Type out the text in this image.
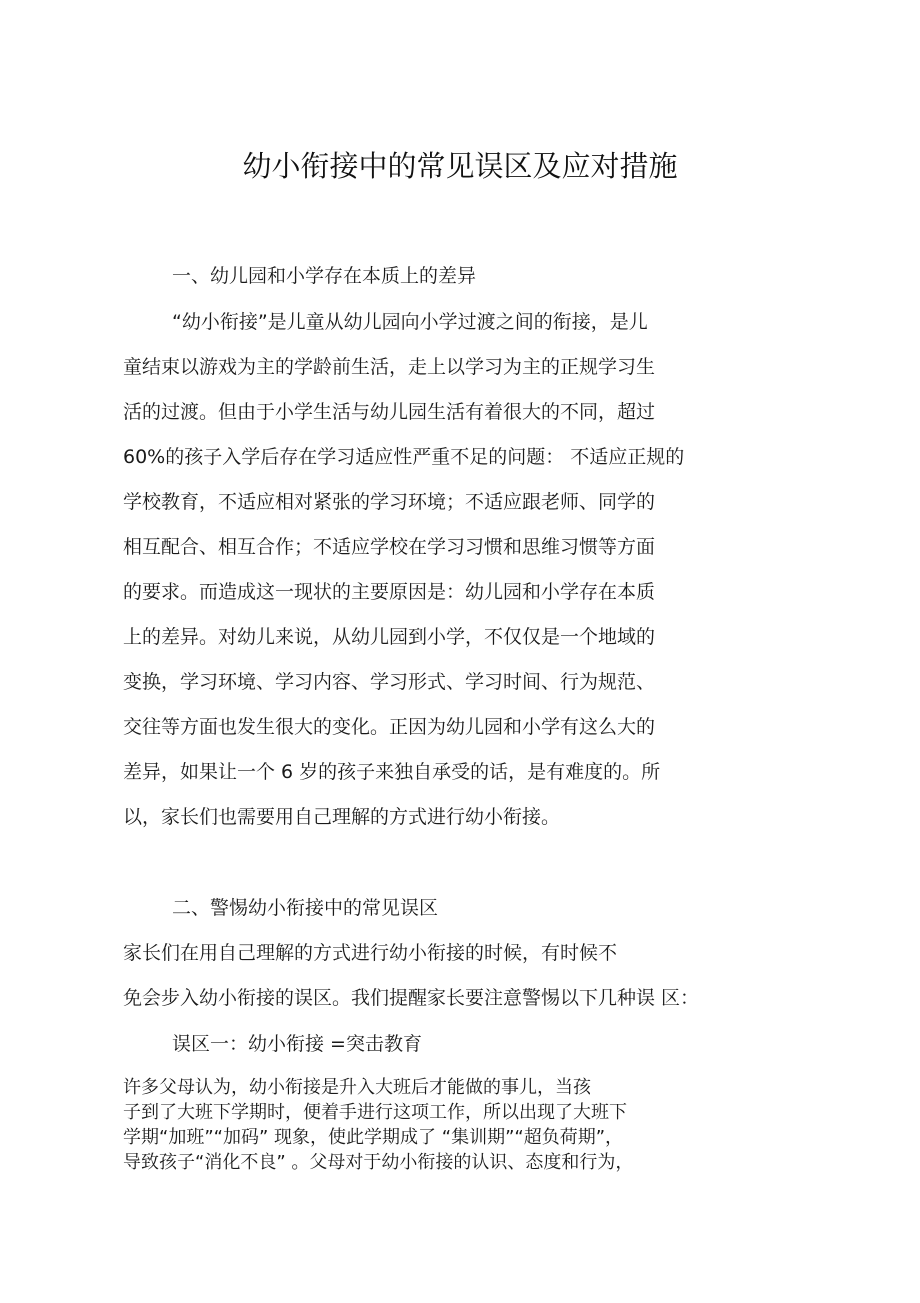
幼小衔接中的常见误区及应对措施
一、幼儿园和小学存在本质上的差异
“幼小衔接”是儿童从幼儿园向小学过渡之间的衔接，是儿
童结束以游戏为主的学龄前生活，走上以学习为主的正规学习生
活的过渡。但由于小学生活与幼儿园生活有着很大的不同，超过
60%的孩子入学后存在学习适应性严重不足的问题： 不适应正规的
学校教育，不适应相对紧张的学习环境；不适应跟老师、同学的
相互配合、相互合作；不适应学校在学习习惯和思维习惯等方面
的要求。而造成这一现状的主要原因是：幼儿园和小学存在本质
上的差异。对幼儿来说，从幼儿园到小学，不仅仅是一个地域的
变换，学习环境、学习内容、学习形式、学习时间、行为规范、
交往等方面也发生很大的变化。正因为幼儿园和小学有这么大的
差异，如果让一个 6 岁的孩子来独自承受的话，是有难度的。所
以，家长们也需要用自己理解的方式进行幼小衔接。
二、警惕幼小衔接中的常见误区
家长们在用自己理解的方式进行幼小衔接的时候，有时候不
免会步入幼小衔接的误区。我们提醒家长要注意警惕以下几种误 区：
误区一：幼小衔接 =突击教育
许多父母认为，幼小衔接是升入大班后才能做的事儿，当孩
子到了大班下学期时，便着手进行这项工作，所以出现了大班下
学期“加班”“加码” 现象，使此学期成了 “集训期”“超负荷期”，
导致孩子“消化不良” 。父母对于幼小衔接的认识、态度和行为，
